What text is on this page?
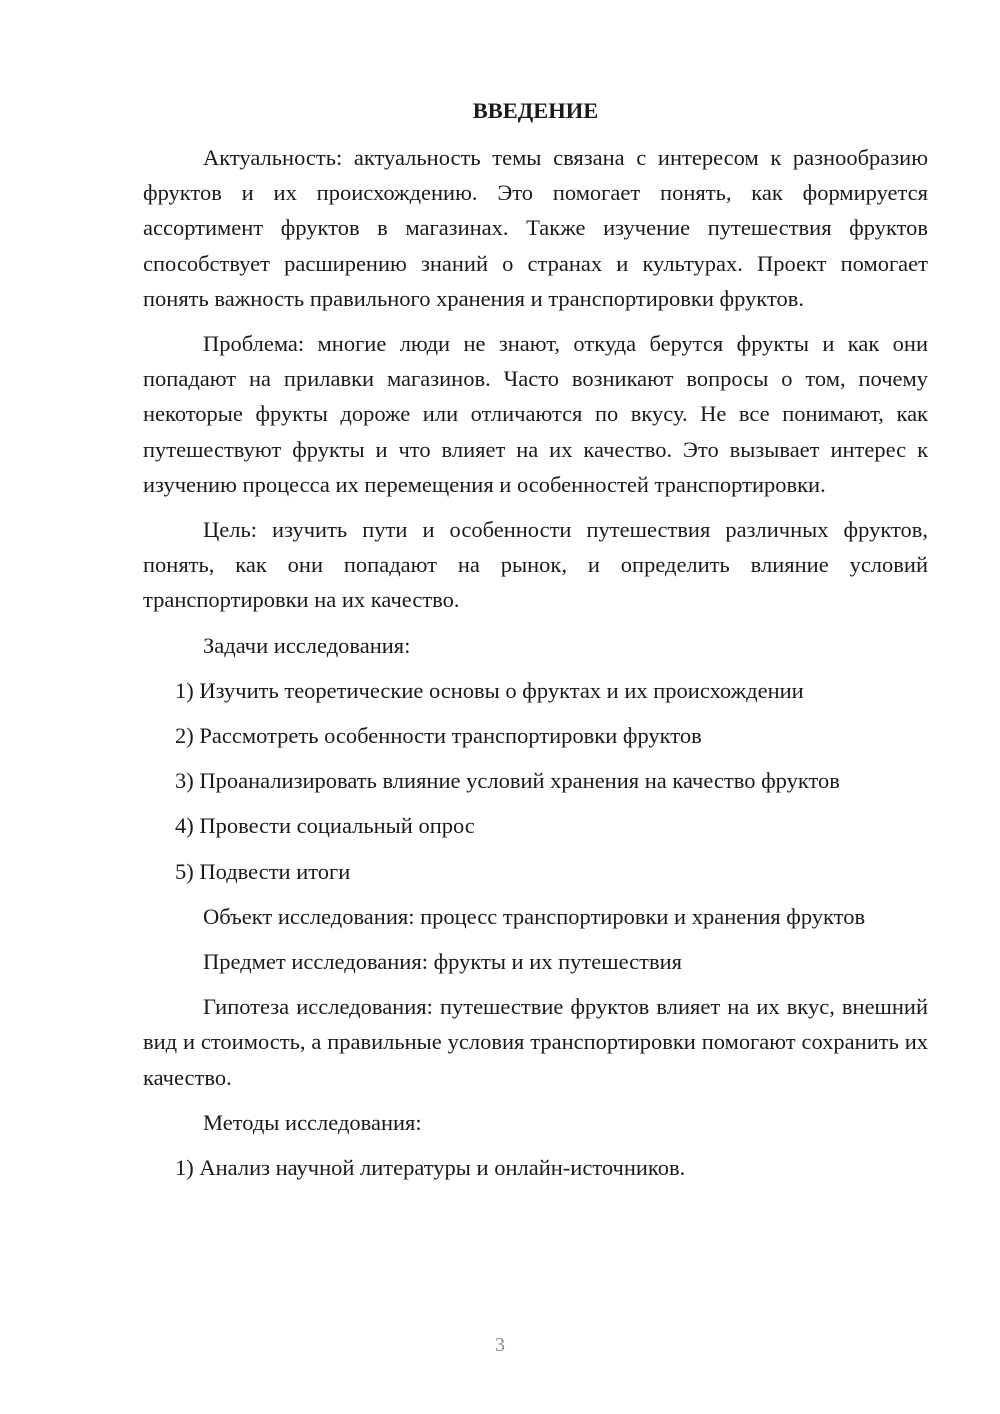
ВВЕДЕНИЕ

Актуальность: актуальность темы связана с интересом к разнообразию фруктов и их происхождению. Это помогает понять, как формируется ассортимент фруктов в магазинах. Также изучение путешествия фруктов способствует расширению знаний о странах и культурах. Проект помогает понять важность правильного хранения и транспортировки фруктов.

Проблема: многие люди не знают, откуда берутся фрукты и как они попадают на прилавки магазинов. Часто возникают вопросы о том, почему некоторые фрукты дороже или отличаются по вкусу. Не все понимают, как путешествуют фрукты и что влияет на их качество. Это вызывает интерес к изучению процесса их перемещения и особенностей транспортировки.

Цель: изучить пути и особенности путешествия различных фруктов, понять, как они попадают на рынок, и определить влияние условий транспортировки на их качество.

Задачи исследования:

1) Изучить теоретические основы о фруктах и их происхождении

2) Рассмотреть особенности транспортировки фруктов

3) Проанализировать влияние условий хранения на качество фруктов

4) Провести социальный опрос

5) Подвести итоги

Объект исследования: процесс транспортировки и хранения фруктов

Предмет исследования: фрукты и их путешествия

Гипотеза исследования: путешествие фруктов влияет на их вкус, внешний вид и стоимость, а правильные условия транспортировки помогают сохранить их качество.

Методы исследования:

1) Анализ научной литературы и онлайн-источников.

3
